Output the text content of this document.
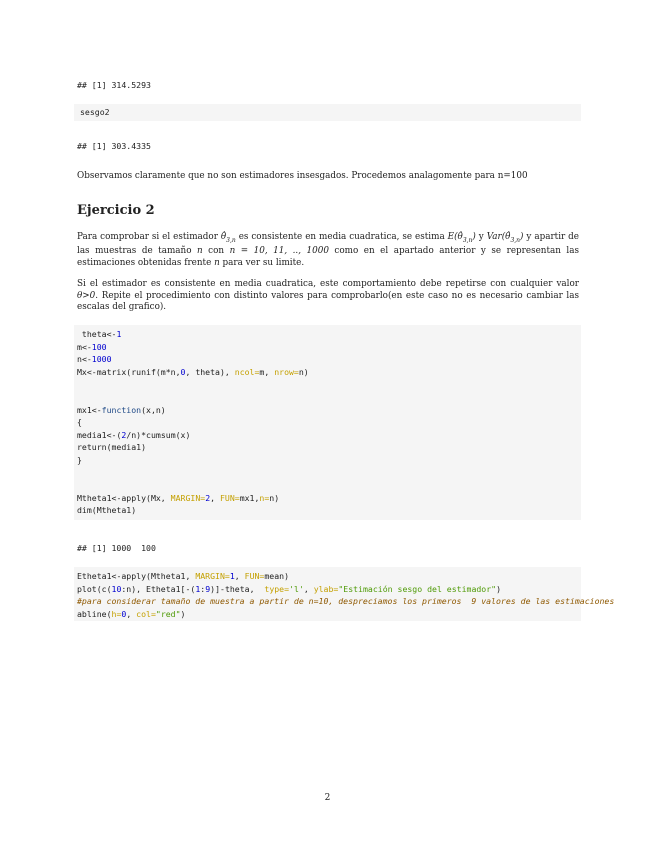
## [1] 314.5293
sesgo2
## [1] 303.4335
Observamos claramente que no son estimadores insesgados. Procedemos analagomente para n=100
Ejercicio 2
Para comprobar si el estimador $\thetâ_{3,n}$ es consistente en media cuadratica, se estima $E(\thetâ_{3,n})$ y $Var(\thetâ_{3,n})$ y apartir de las muestras de tamaño n con n = 10, 11, .., 1000 como en el apartado anterior y se representan las estimaciones obtenidas frente n para ver su limite.
Si el estimador es consistente en media cuadratica, este comportamiento debe repetirse con cualquier valor θ>0. Repite el procedimiento con distinto valores para comprobarlo(en este caso no es necesario cambiar las escalas del grafico).
theta<-1
m<-100
n<-1000
Mx<-matrix(runif(m*n,0, theta), ncol=m, nrow=n)
mx1<-function(x,n)
{
media1<-(2/n)*cumsum(x)
return(media1)
}
Mtheta1<-apply(Mx, MARGIN=2, FUN=mx1,n=n)
dim(Mtheta1)
## [1] 1000  100
Etheta1<-apply(Mtheta1, MARGIN=1, FUN=mean)
plot(c(10:n), Etheta1[-(1:9)]-theta,  type='l', ylab="Estimación sesgo del estimador")
#para considerar tamaño de muestra a partir de n=10, despreciamos los primeros  9 valores de las estimaciones
abline(h=0, col="red")
2
